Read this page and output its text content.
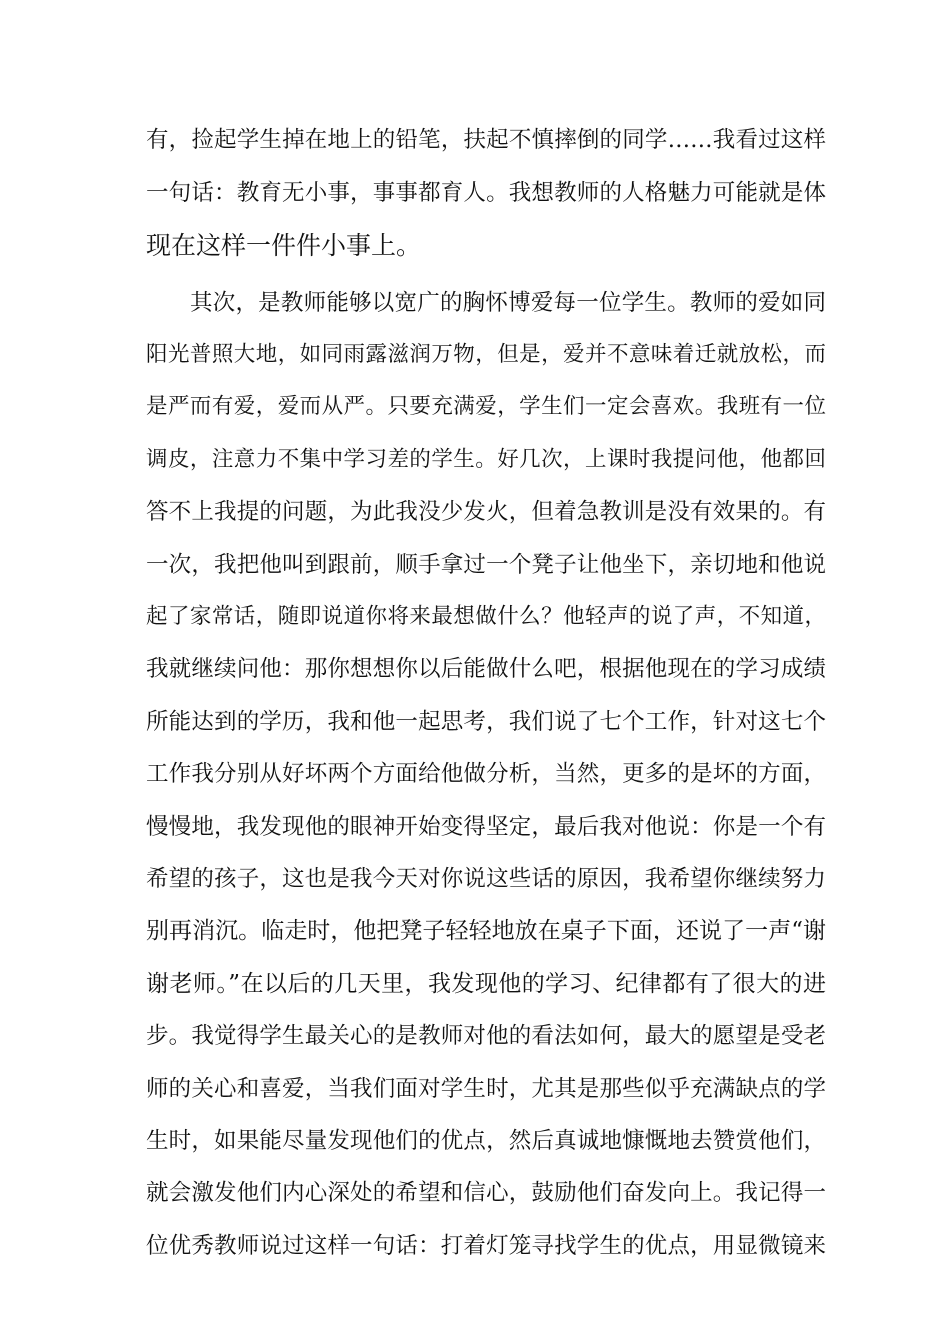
有，捡起学生掉在地上的铅笔，扶起不慎摔倒的同学……我看过这样
一句话：教育无小事，事事都育人。我想教师的人格魅力可能就是体
现在这样一件件小事上。
其次，是教师能够以宽广的胸怀博爱每一位学生。教师的爱如同
阳光普照大地，如同雨露滋润万物，但是，爱并不意味着迁就放松，而
是严而有爱，爱而从严。只要充满爱，学生们一定会喜欢。我班有一位
调皮，注意力不集中学习差的学生。好几次，上课时我提问他，他都回
答不上我提的问题，为此我没少发火，但着急教训是没有效果的。有
一次，我把他叫到跟前，顺手拿过一个凳子让他坐下，亲切地和他说
起了家常话，随即说道你将来最想做什么？他轻声的说了声，不知道，
我就继续问他：那你想想你以后能做什么吧，根据他现在的学习成绩
所能达到的学历，我和他一起思考，我们说了七个工作，针对这七个
工作我分别从好坏两个方面给他做分析，当然，更多的是坏的方面，
慢慢地，我发现他的眼神开始变得坚定，最后我对他说：你是一个有
希望的孩子，这也是我今天对你说这些话的原因，我希望你继续努力
别再消沉。临走时，他把凳子轻轻地放在桌子下面，还说了一声“谢
谢老师。”在以后的几天里，我发现他的学习、纪律都有了很大的进
步。我觉得学生最关心的是教师对他的看法如何，最大的愿望是受老
师的关心和喜爱，当我们面对学生时，尤其是那些似乎充满缺点的学
生时，如果能尽量发现他们的优点，然后真诚地慷慨地去赞赏他们，
就会激发他们内心深处的希望和信心，鼓励他们奋发向上。我记得一
位优秀教师说过这样一句话：打着灯笼寻找学生的优点，用显微镜来
